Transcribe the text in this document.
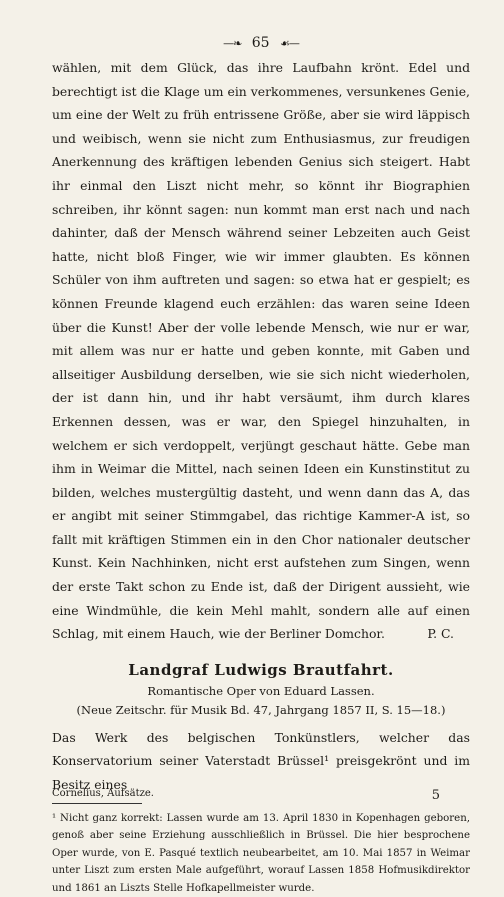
—❧ 65 ☙—

wählen, mit dem Glück, das ihre Laufbahn krönt. Edel und berechtigt ist die Klage um ein verkommenes, versunkenes Genie, um eine der Welt zu früh entrissene Größe, aber sie wird läppisch und weibisch, wenn sie nicht zum Enthusiasmus, zur freudigen Anerkennung des kräftigen lebenden Genius sich steigert. Habt ihr einmal den Liszt nicht mehr, so könnt ihr Biographien schreiben, ihr könnt sagen: nun kommt man erst nach und nach dahinter, daß der Mensch während seiner Lebzeiten auch Geist hatte, nicht bloß Finger, wie wir immer glaubten. Es können Schüler von ihm auftreten und sagen: so etwa hat er gespielt; es können Freunde klagend euch erzählen: das waren seine Ideen über die Kunst! Aber der volle lebende Mensch, wie nur er war, mit allem was nur er hatte und geben konnte, mit Gaben und allseitiger Ausbildung derselben, wie sie sich nicht wiederholen, der ist dann hin, und ihr habt versäumt, ihm durch klares Erkennen dessen, was er war, den Spiegel hinzuhalten, in welchem er sich verdoppelt, verjüngt geschaut hätte. Gebe man ihm in Weimar die Mittel, nach seinen Ideen ein Kunstinstitut zu bilden, welches mustergültig dasteht, und wenn dann das A, das er angibt mit seiner Stimmgabel, das richtige Kammer-A ist, so fallt mit kräftigen Stimmen ein in den Chor nationaler deutscher Kunst. Kein Nachhinken, nicht erst aufstehen zum Singen, wenn der erste Takt schon zu Ende ist, daß der Dirigent aussieht, wie eine Windmühle, die kein Mehl mahlt, sondern alle auf einen Schlag, mit einem Hauch, wie der Berliner Domchor.	P. C.
Landgraf Ludwigs Brautfahrt.
Romantische Oper von Eduard Lassen.
(Neue Zeitschr. für Musik Bd. 47, Jahrgang 1857 II, S. 15—18.)

Das Werk des belgischen Tonkünstlers, welcher das Konservatorium seiner Vaterstadt Brüssel¹ preisgekrönt und im Besitz eines

¹ Nicht ganz korrekt: Lassen wurde am 13. April 1830 in Kopenhagen geboren, genoß aber seine Erziehung ausschließlich in Brüssel. Die hier besprochene Oper wurde, von E. Pasqué textlich neubearbeitet, am 10. Mai 1857 in Weimar unter Liszt zum ersten Male aufgeführt, worauf Lassen 1858 Hofmusikdirektor und 1861 an Liszts Stelle Hofkapellmeister wurde.

Cornelius, Aufsätze.	5
